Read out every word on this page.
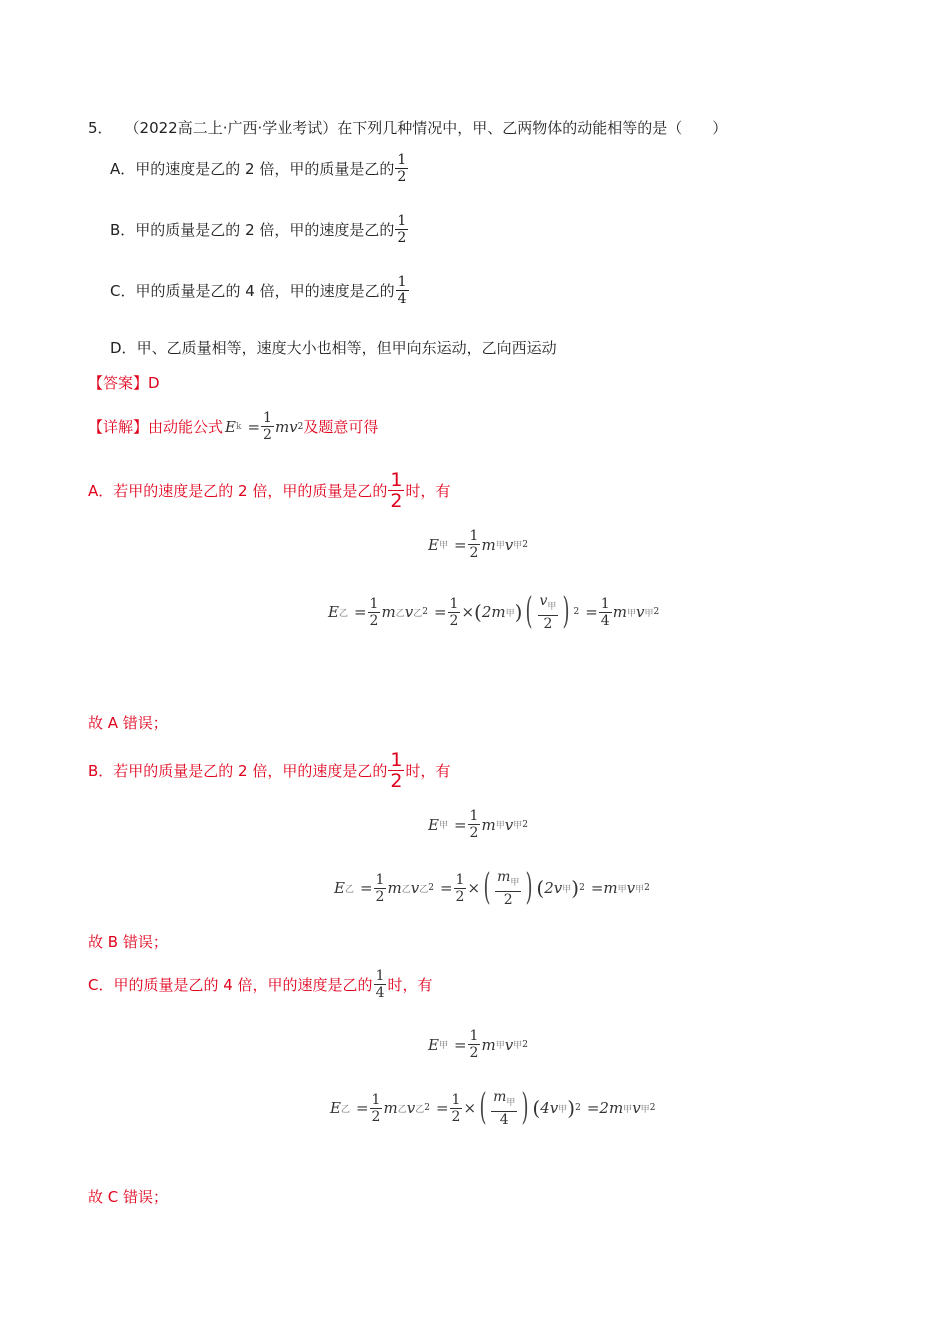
5． （2022高二上·广西·学业考试）在下列几种情况中，甲、乙两物体的动能相等的是（　　）
A． 甲的速度是乙的 2 倍，甲的质量是乙的 $\frac{1}{2}$
B． 甲的质量是乙的 2 倍，甲的速度是乙的 $\frac{1}{2}$
C． 甲的质量是乙的 4 倍，甲的速度是乙的 $\frac{1}{4}$
D．甲、乙质量相等，速度大小也相等，但甲向东运动，乙向西运动
【答案】D
【详解】 由动能公式 E $k = \frac{1}{2}$ mv 2 及题意可得
A．若甲的速度是乙的 2 倍，甲的质量是乙的 $\frac{1}{2}$ 时，有
E 甲 = $\frac{1}{2}$ m 甲 v 甲 2
E 乙 = $\frac{1}{2}$ m 乙 v 乙 $2 = \frac{1}{2}$ × ( 2m 甲 ) ( $\frac{v_甲}{2}$ ) $2 = \frac{1}{4}$ m 甲 v 甲 2
故 A 错误；
B．若甲的质量是乙的 2 倍，甲的速度是乙的 $\frac{1}{2}$ 时，有
E 甲 = $\frac{1}{2}$ m 甲 v 甲 2
E 乙 = $\frac{1}{2}$ m 乙 v 乙 $2 = \frac{1}{2}$ × ( $\frac{m_甲}{2}$ ) ( 2v 甲 ) 2 =m 甲 v 甲 2
故 B 错误；
C．甲的质量是乙的 4 倍，甲的速度是乙的 $\frac{1}{4}$ 时，有
E 甲 = $\frac{1}{2}$ m 甲 v 甲 2
E 乙 = $\frac{1}{2}$ m 乙 v 乙 $2 = \frac{1}{2}$ × ( $\frac{m_甲}{4}$ ) ( 4v 甲 ) 2 =2m 甲 v 甲 2
故 C 错误；
